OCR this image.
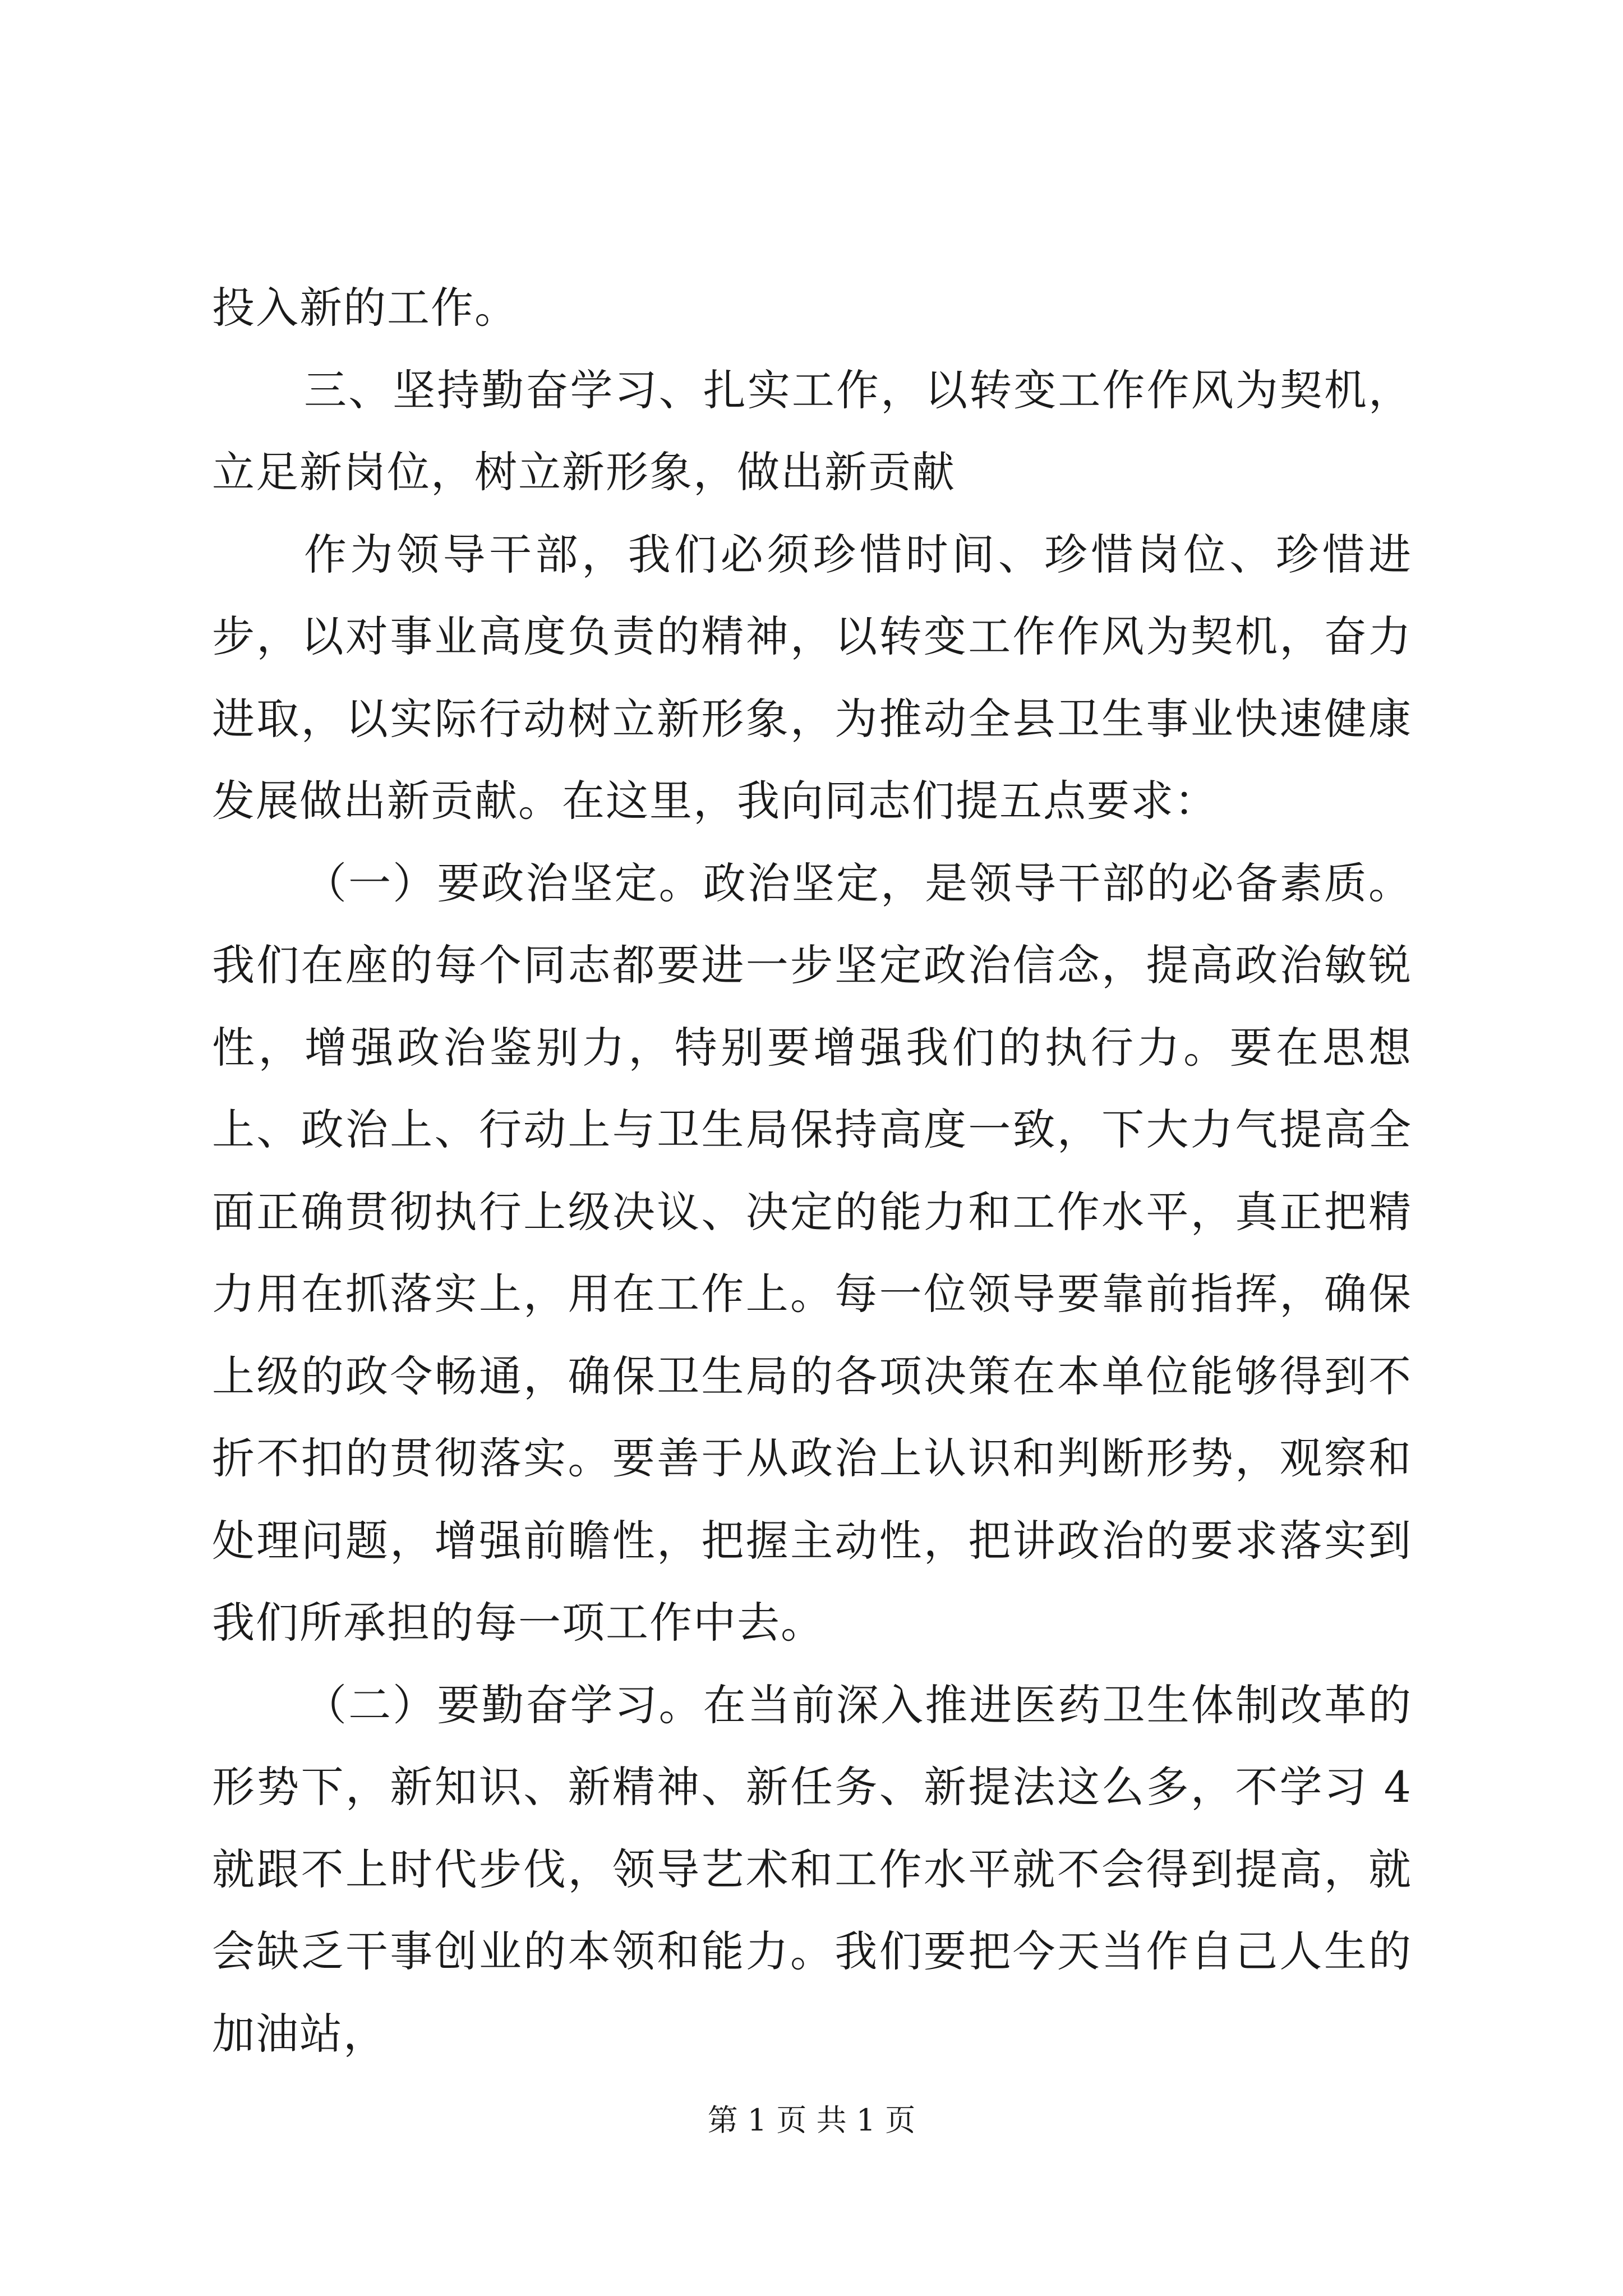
投入新的工作。

三、坚持勤奋学习、扎实工作，以转变工作作风为契机，立足新岗位，树立新形象，做出新贡献

作为领导干部，我们必须珍惜时间、珍惜岗位、珍惜进步，以对事业高度负责的精神，以转变工作作风为契机，奋力进取，以实际行动树立新形象，为推动全县卫生事业快速健康发展做出新贡献。在这里，我向同志们提五点要求：

（一）要政治坚定。政治坚定，是领导干部的必备素质。我们在座的每个同志都要进一步坚定政治信念，提高政治敏锐性，增强政治鉴别力，特别要增强我们的执行力。要在思想上、政治上、行动上与卫生局保持高度一致，下大力气提高全面正确贯彻执行上级决议、决定的能力和工作水平，真正把精力用在抓落实上，用在工作上。每一位领导要靠前指挥，确保上级的政令畅通，确保卫生局的各项决策在本单位能够得到不折不扣的贯彻落实。要善于从政治上认识和判断形势，观察和处理问题，增强前瞻性，把握主动性，把讲政治的要求落实到我们所承担的每一项工作中去。

（二）要勤奋学习。在当前深入推进医药卫生体制改革的形势下，新知识、新精神、新任务、新提法这么多，不学习 4 就跟不上时代步伐，领导艺术和工作水平就不会得到提高，就会缺乏干事创业的本领和能力。我们要把今天当作自己人生的加油站，

第 1 页 共 1 页
